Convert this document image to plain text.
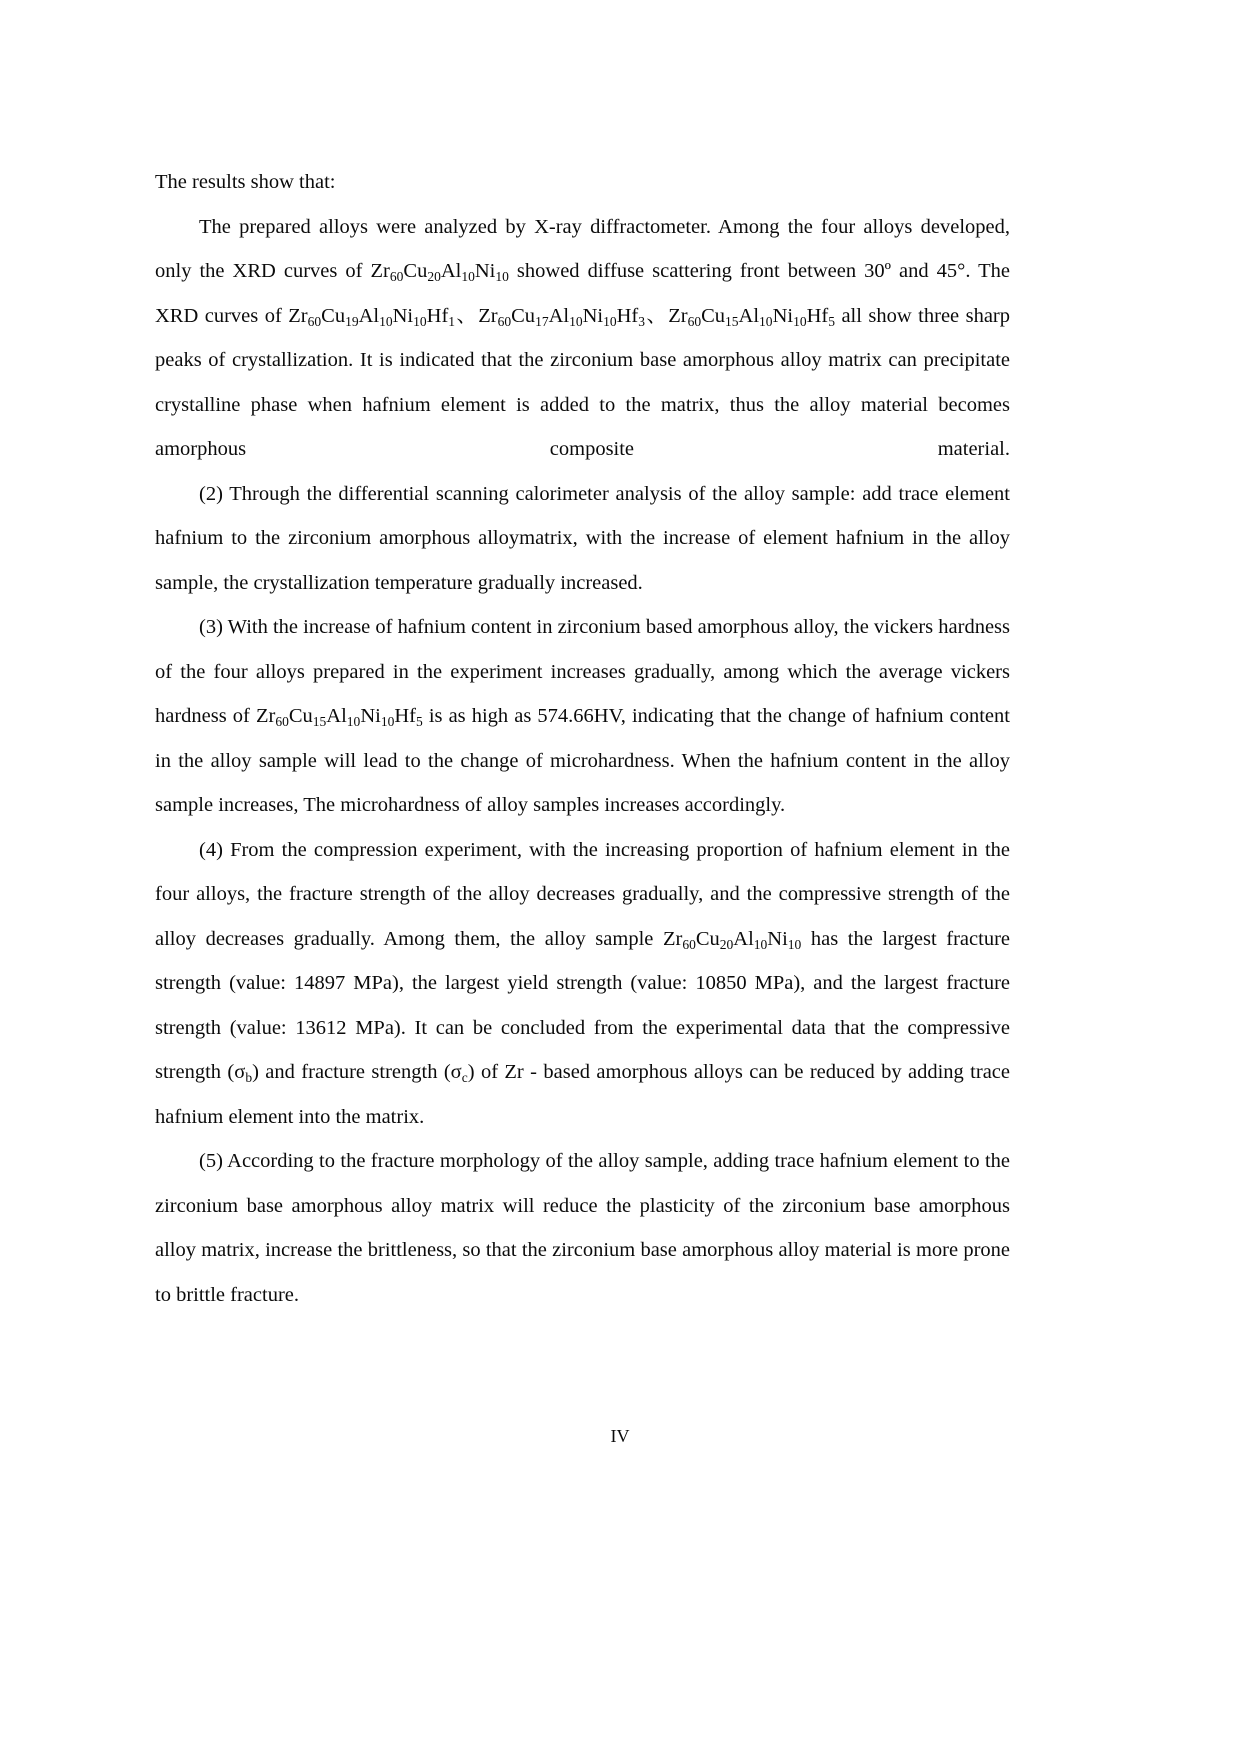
The results show that:

The prepared alloys were analyzed by X-ray diffractometer. Among the four alloys developed, only the XRD curves of $Zr_{60}Cu_{20}Al_{10}Ni_{10}$ showed diffuse scattering front between 30º and 45°. The XRD curves of $Zr_{60}Cu_{19}Al_{10}Ni_{10}Hf_1$、$Zr_{60}Cu_{17}Al_{10}Ni_{10}Hf_3$、$Zr_{60}Cu_{15}Al_{10}Ni_{10}Hf_5$ all show three sharp peaks of crystallization. It is indicated that the zirconium base amorphous alloy matrix can precipitate crystalline phase when hafnium element is added to the matrix, thus the alloy material becomes amorphous composite material.

(2) Through the differential scanning calorimeter analysis of the alloy sample: add trace element hafnium to the zirconium amorphous alloymatrix, with the increase of element hafnium in the alloy sample, the crystallization temperature gradually increased.

(3) With the increase of hafnium content in zirconium based amorphous alloy, the vickers hardness of the four alloys prepared in the experiment increases gradually, among which the average vickers hardness of $Zr_{60}Cu_{15}Al_{10}Ni_{10}Hf_5$ is as high as 574.66HV, indicating that the change of hafnium content in the alloy sample will lead to the change of microhardness. When the hafnium content in the alloy sample increases, The microhardness of alloy samples increases accordingly.

(4) From the compression experiment, with the increasing proportion of hafnium element in the four alloys, the fracture strength of the alloy decreases gradually, and the compressive strength of the alloy decreases gradually. Among them, the alloy sample $Zr_{60}Cu_{20}Al_{10}Ni_{10}$ has the largest fracture strength (value: 14897 MPa), the largest yield strength (value: 10850 MPa), and the largest fracture strength (value: 13612 MPa). It can be concluded from the experimental data that the compressive strength $(\sigma_b)$ and fracture strength $(\sigma_c)$ of Zr - based amorphous alloys can be reduced by adding trace hafnium element into the matrix.

(5) According to the fracture morphology of the alloy sample, adding trace hafnium element to the zirconium base amorphous alloy matrix will reduce the plasticity of the zirconium base amorphous alloy matrix, increase the brittleness, so that the zirconium base amorphous alloy material is more prone to brittle fracture.

IV
